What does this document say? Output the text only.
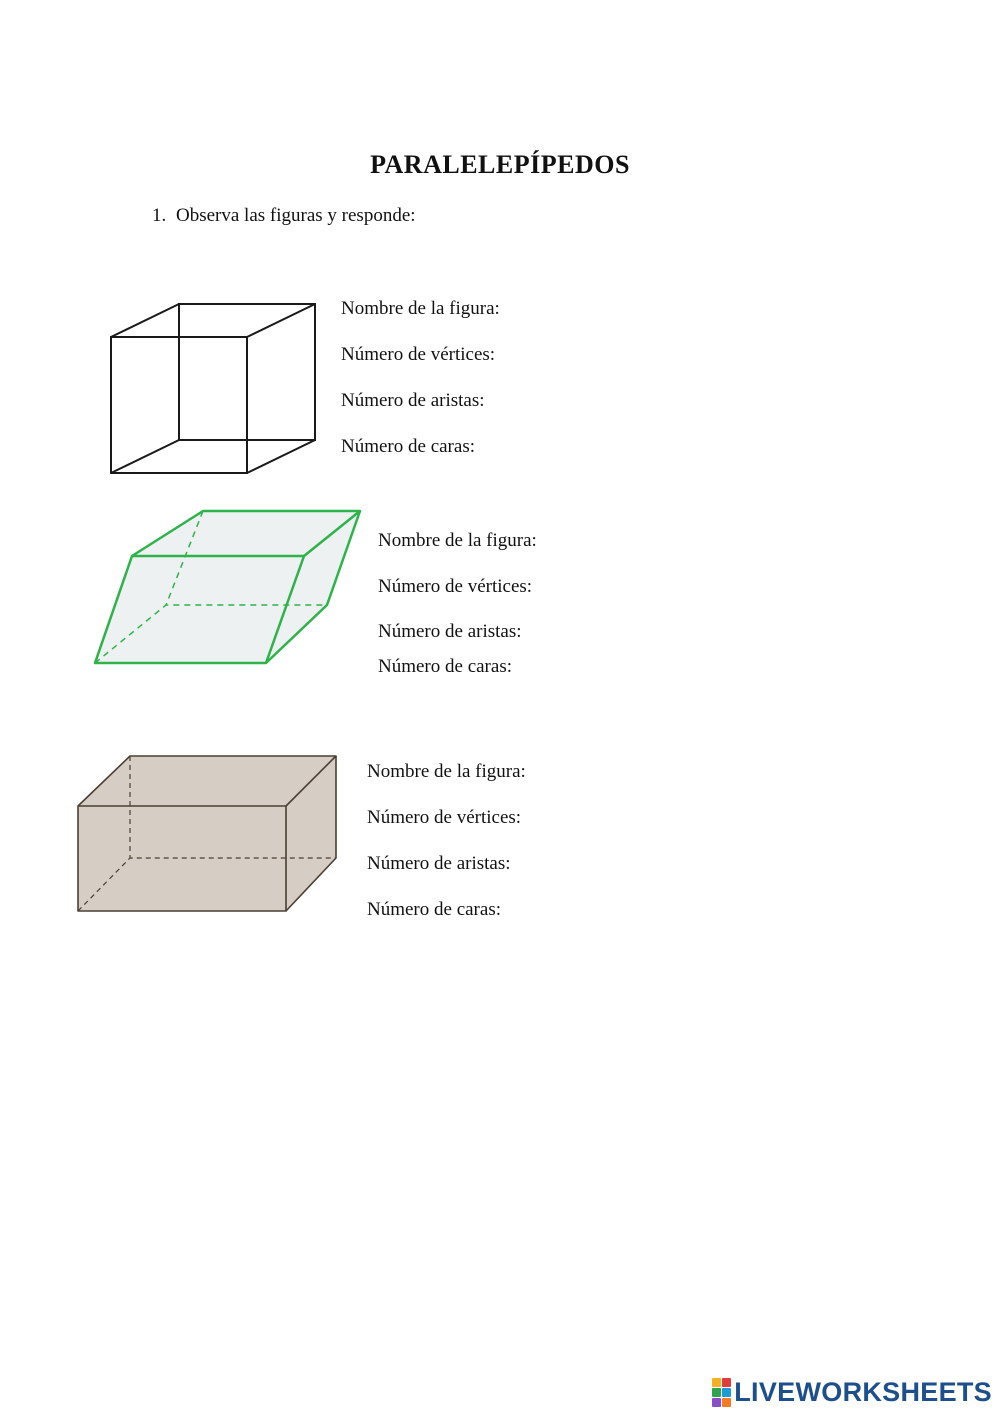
PARALELEPÍPEDOS
1. Observa las figuras y responde:
Nombre de la figura:
Número de vértices:
Número de aristas:
Número de caras:
Nombre de la figura:
Número de vértices:
Número de aristas:
Número de caras:
Nombre de la figura:
Número de vértices:
Número de aristas:
Número de caras:
LIVEWORKSHEETS
